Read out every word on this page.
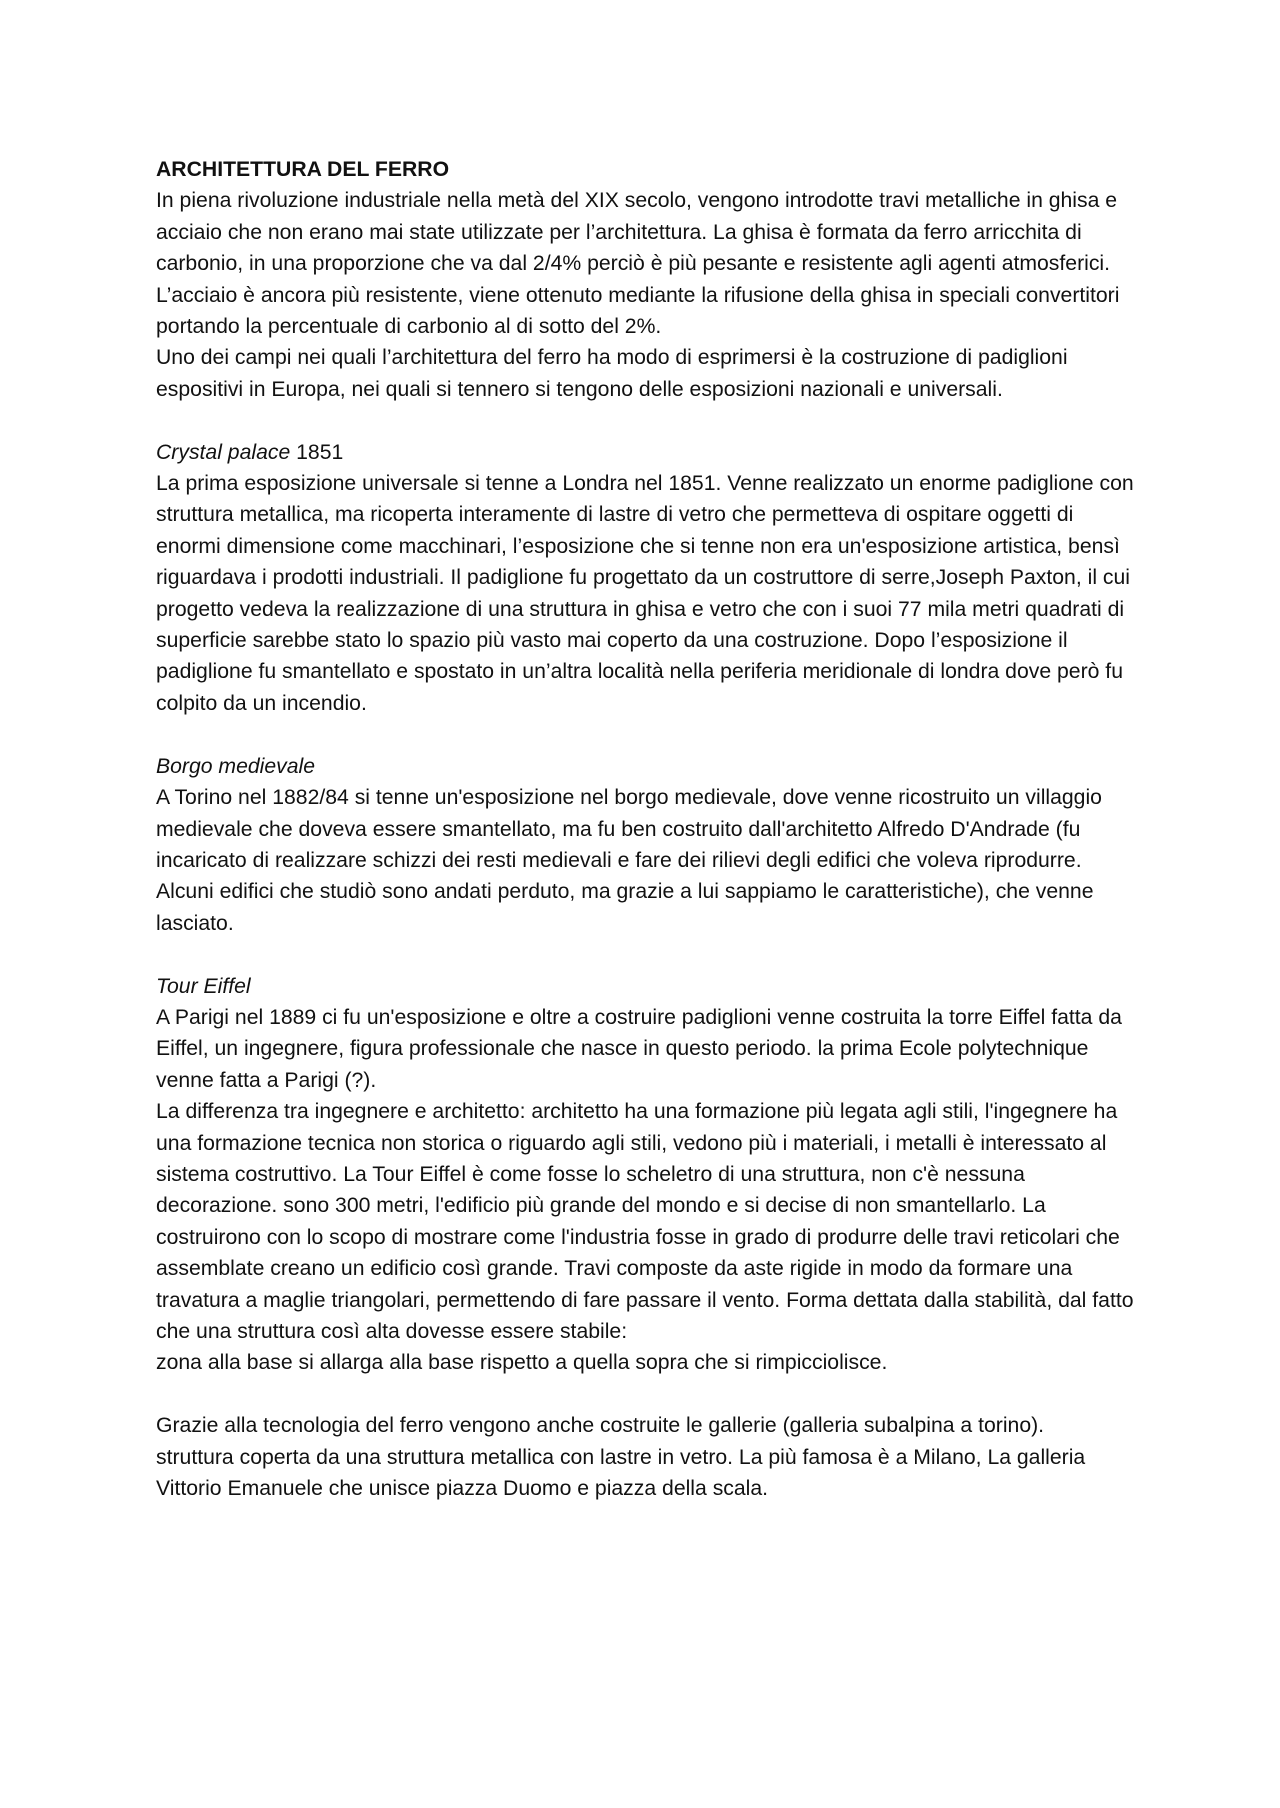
ARCHITETTURA DEL FERRO

In piena rivoluzione industriale nella metà del XIX secolo, vengono introdotte travi metalliche in ghisa e acciaio che non erano mai state utilizzate per l’architettura. La ghisa è formata da ferro arricchita di carbonio, in una proporzione che va dal 2/4% perciò è più pesante e resistente agli agenti atmosferici.

L’acciaio è ancora più resistente, viene ottenuto mediante la rifusione della ghisa in speciali convertitori portando la percentuale di carbonio al di sotto del 2%.

Uno dei campi nei quali l’architettura del ferro ha modo di esprimersi è la costruzione di padiglioni espositivi in Europa, nei quali si tennero si tengono delle esposizioni nazionali e universali.

Crystal palace 1851

La prima esposizione universale si tenne a Londra nel 1851. Venne realizzato un enorme padiglione con struttura metallica, ma ricoperta interamente di lastre di vetro che permetteva di ospitare oggetti di enormi dimensione come macchinari, l’esposizione che si tenne non era un'esposizione artistica, bensì riguardava i prodotti industriali. Il padiglione fu progettato da un costruttore di serre,Joseph Paxton, il cui progetto vedeva la realizzazione di una struttura in ghisa e vetro che con i suoi 77 mila metri quadrati di superficie sarebbe stato lo spazio più vasto mai coperto da una costruzione. Dopo l’esposizione il padiglione fu smantellato e spostato in un’altra località nella periferia meridionale di londra dove però fu colpito da un incendio.

Borgo medievale

A Torino nel 1882/84 si tenne un'esposizione nel borgo medievale, dove venne ricostruito un villaggio medievale che doveva essere smantellato, ma fu ben costruito dall'architetto Alfredo D'Andrade (fu incaricato di realizzare schizzi dei resti medievali e fare dei rilievi degli edifici che voleva riprodurre. Alcuni edifici che studiò sono andati perduto, ma grazie a lui sappiamo le caratteristiche), che venne lasciato.

Tour Eiffel

A Parigi nel 1889 ci fu un'esposizione e oltre a costruire padiglioni venne costruita la torre Eiffel fatta da Eiffel, un ingegnere, figura professionale che nasce in questo periodo. la prima Ecole polytechnique venne fatta a Parigi (?).

La differenza tra ingegnere e architetto: architetto ha una formazione più legata agli stili, l'ingegnere ha una formazione tecnica non storica o riguardo agli stili, vedono più i materiali, i metalli è interessato al sistema costruttivo. La Tour Eiffel è come fosse lo scheletro di una struttura, non c'è nessuna decorazione. sono 300 metri, l'edificio più grande del mondo e si decise di non smantellarlo. La costruirono con lo scopo di mostrare come l'industria fosse in grado di produrre delle travi reticolari che assemblate creano un edificio così grande. Travi composte da aste rigide in modo da formare una travatura a maglie triangolari, permettendo di fare passare il vento. Forma dettata dalla stabilità, dal fatto che una struttura così alta dovesse essere stabile:

zona alla base si allarga alla base rispetto a quella sopra che si rimpicciolisce.

Grazie alla tecnologia del ferro vengono anche costruite le gallerie (galleria subalpina a torino).

struttura coperta da una struttura metallica con lastre in vetro. La più famosa è a Milano, La galleria Vittorio Emanuele che unisce piazza Duomo e piazza della scala.
